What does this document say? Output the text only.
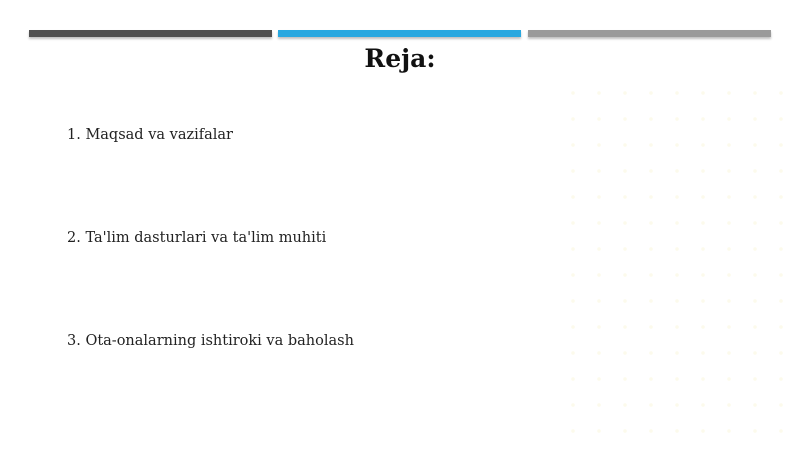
Reja:
1. Maqsad va vazifalar
2. Ta'lim dasturlari va ta'lim muhiti
3. Ota-onalarning ishtiroki va baholash
